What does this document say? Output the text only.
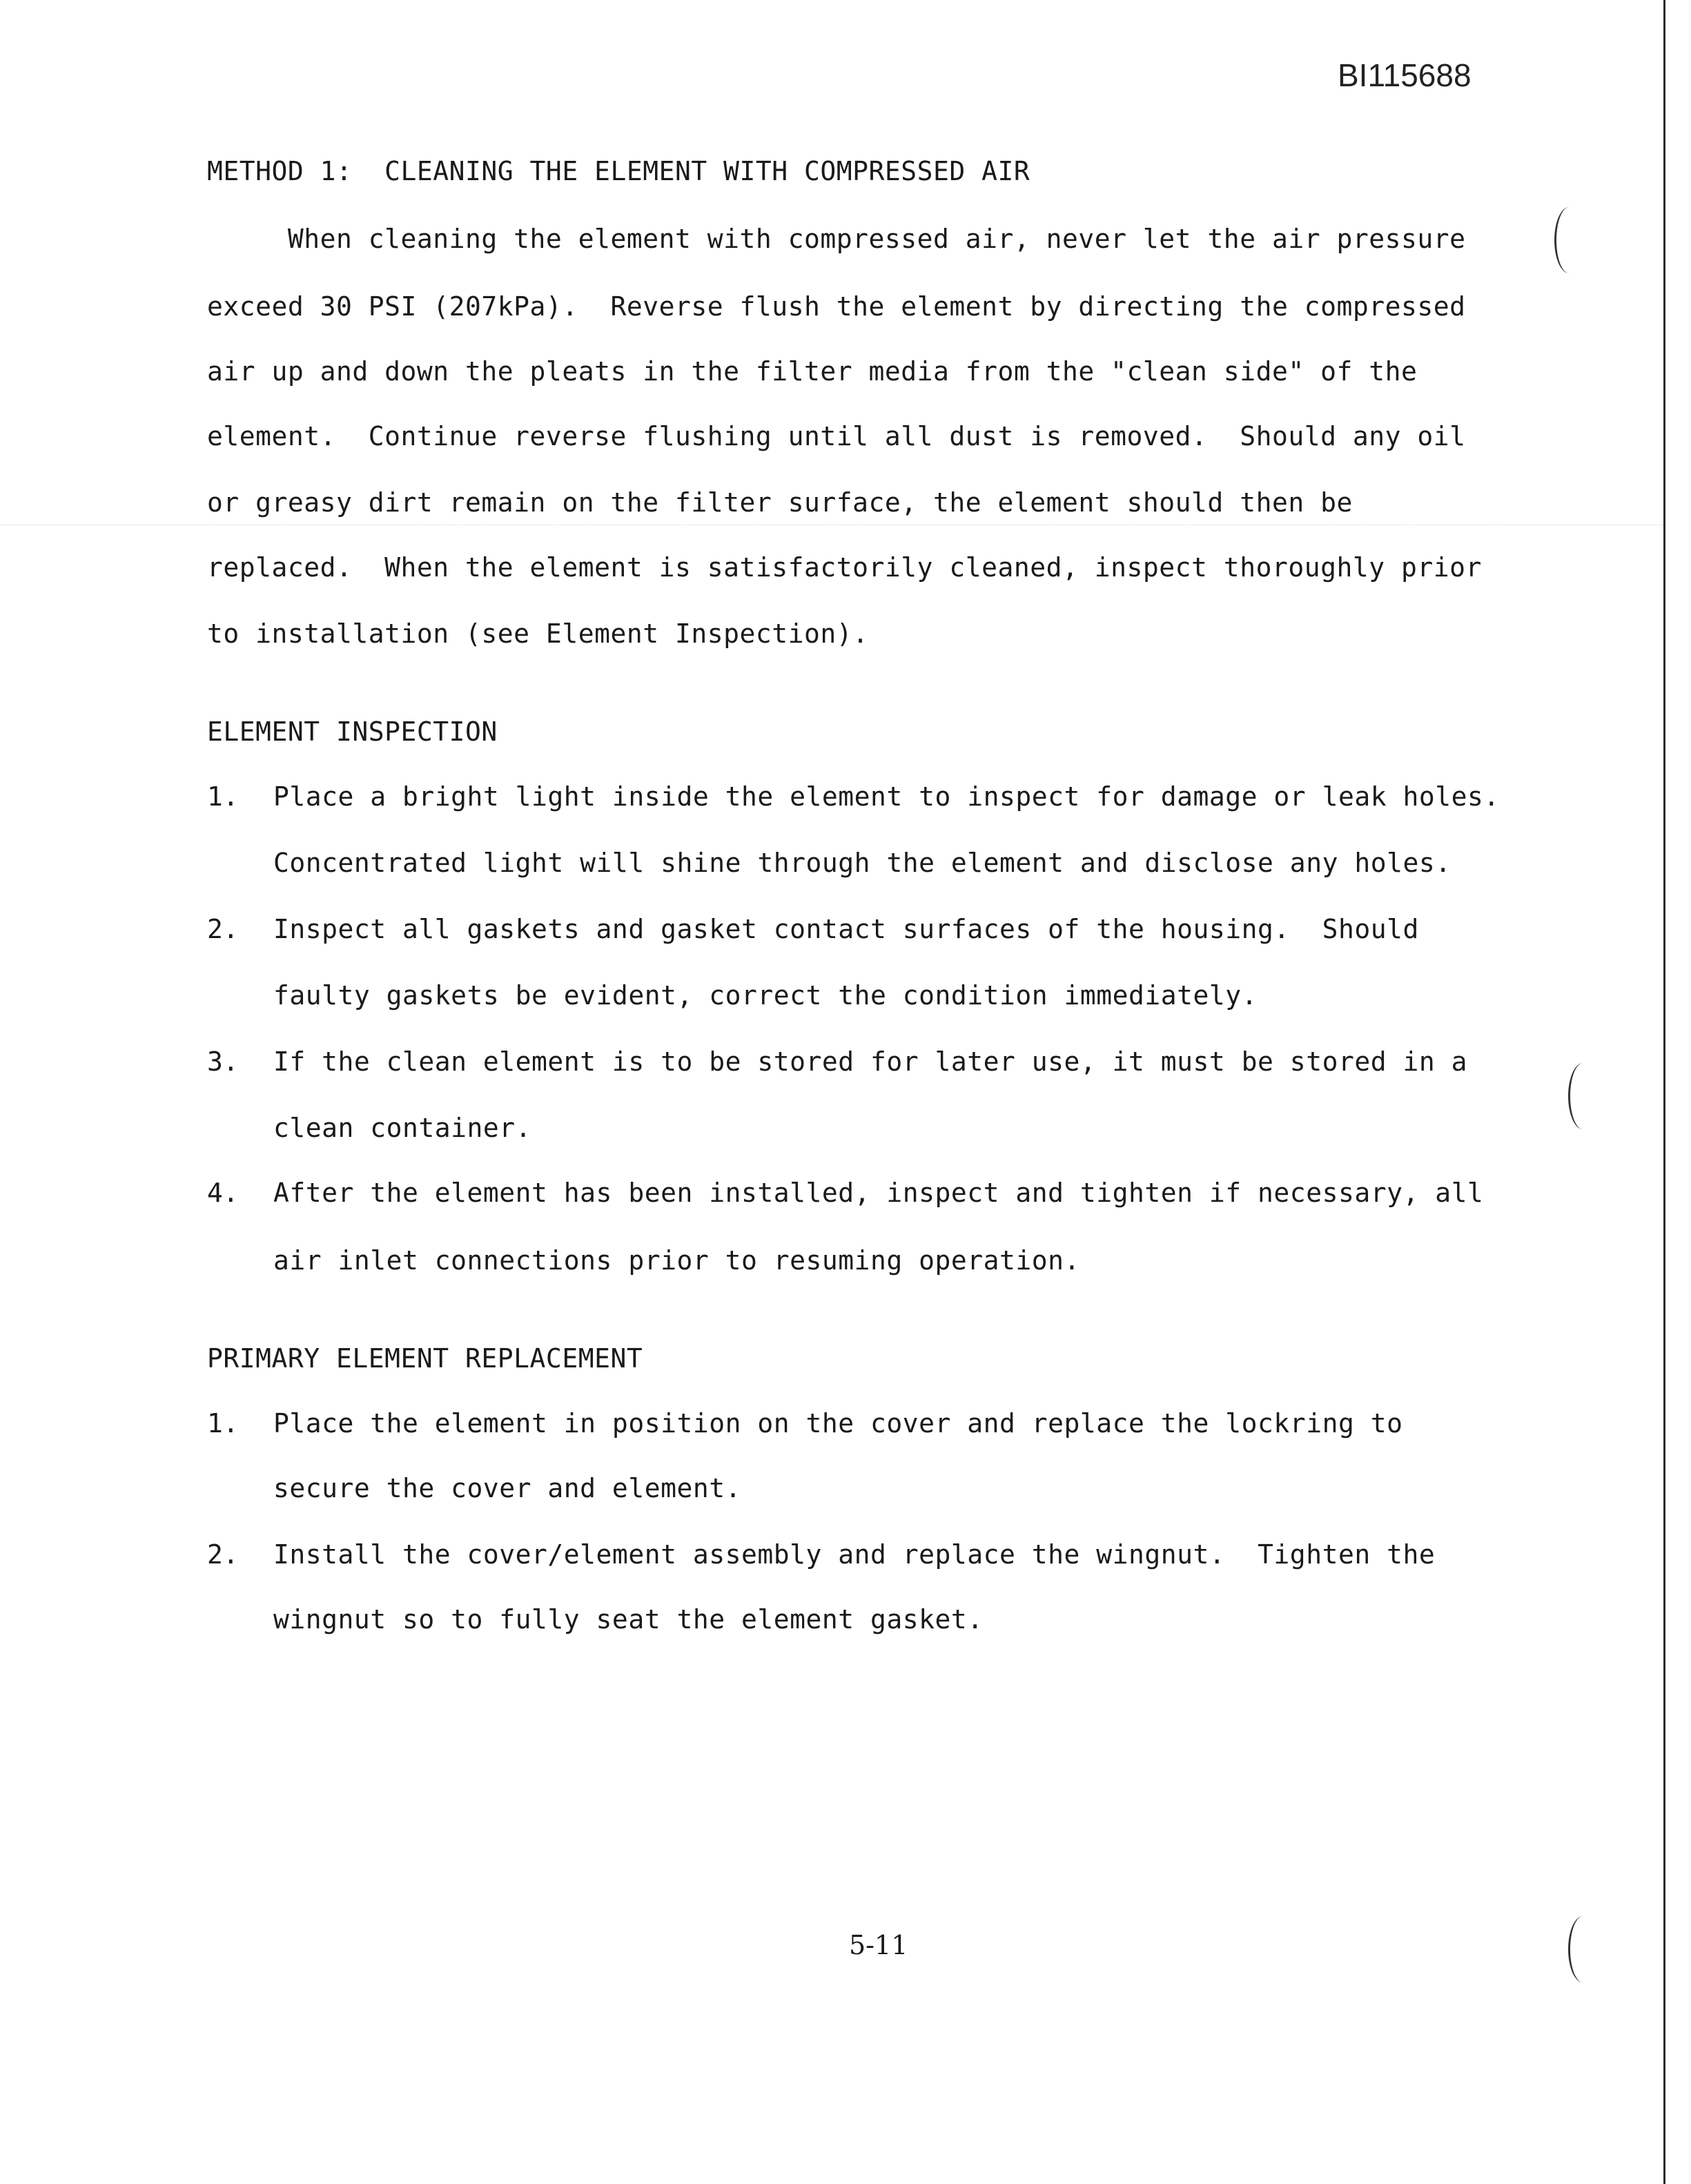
BI115688
METHOD 1:  CLEANING THE ELEMENT WITH COMPRESSED AIR
When cleaning the element with compressed air, never let the air pressure
exceed 30 PSI (207kPa).  Reverse flush the element by directing the compressed
air up and down the pleats in the filter media from the "clean side" of the
element.  Continue reverse flushing until all dust is removed.  Should any oil
or greasy dirt remain on the filter surface, the element should then be
replaced.  When the element is satisfactorily cleaned, inspect thoroughly prior
to installation (see Element Inspection).
ELEMENT INSPECTION
1. Place a bright light inside the element to inspect for damage or leak holes.
Concentrated light will shine through the element and disclose any holes.
2. Inspect all gaskets and gasket contact surfaces of the housing.  Should
faulty gaskets be evident, correct the condition immediately.
3. If the clean element is to be stored for later use, it must be stored in a
clean container.
4. After the element has been installed, inspect and tighten if necessary, all
air inlet connections prior to resuming operation.
PRIMARY ELEMENT REPLACEMENT
1. Place the element in position on the cover and replace the lockring to
secure the cover and element.
2. Install the cover/element assembly and replace the wingnut.  Tighten the
wingnut so to fully seat the element gasket.
5-11
